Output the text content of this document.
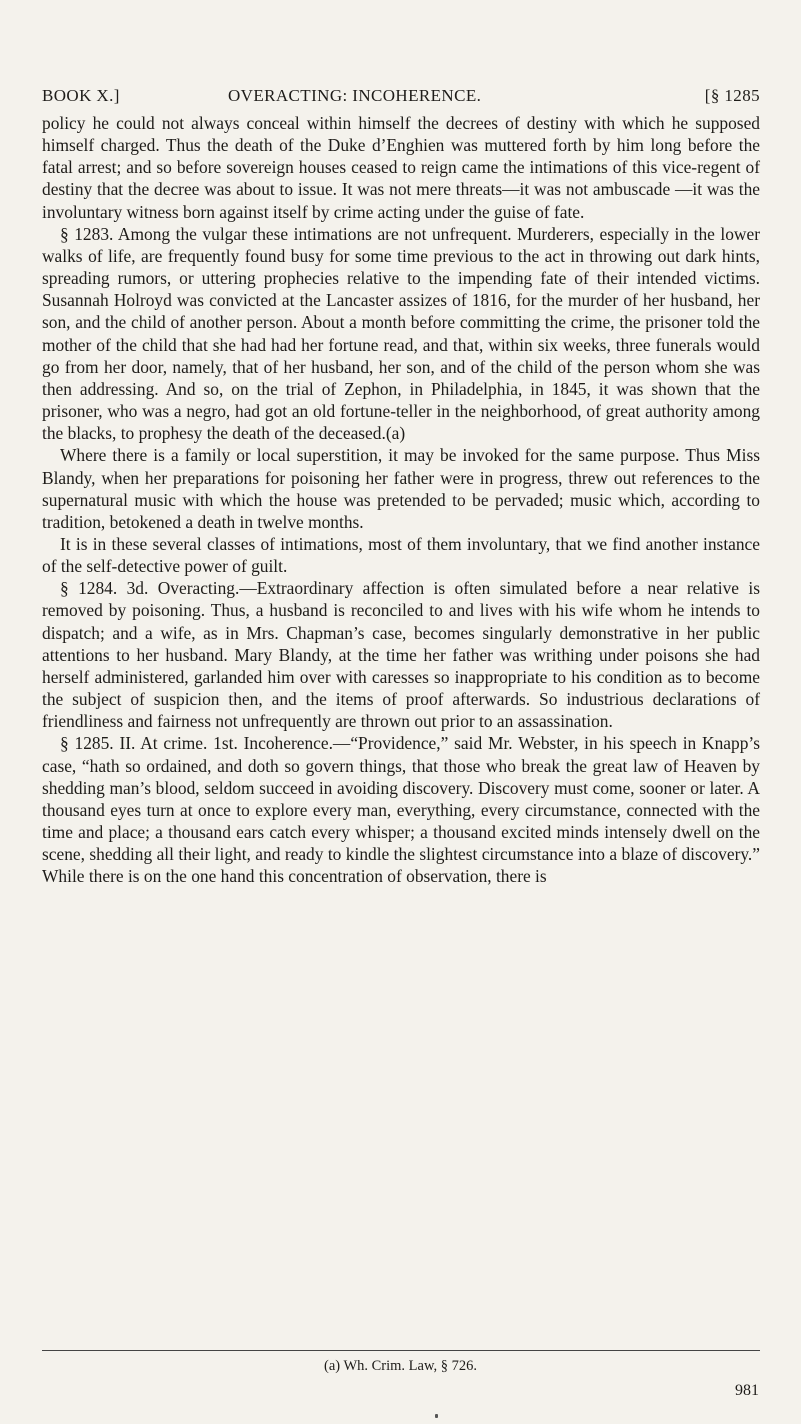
BOOK X.]	OVERACTING: INCOHERENCE.	[§ 1285

policy he could not always conceal within himself the decrees of destiny with which he supposed himself charged. Thus the death of the Duke d’Enghien was muttered forth by him long before the fatal arrest; and so before sovereign houses ceased to reign came the intimations of this vice-regent of destiny that the decree was about to issue. It was not mere threats—it was not ambuscade —it was the involuntary witness born against itself by crime acting under the guise of fate.

§ 1283. Among the vulgar these intimations are not unfrequent. Murderers, especially in the lower walks of life, are frequently found busy for some time previous to the act in throwing out dark hints, spreading rumors, or uttering prophecies relative to the impending fate of their intended victims. Susannah Holroyd was convicted at the Lancaster assizes of 1816, for the murder of her husband, her son, and the child of another person. About a month before committing the crime, the prisoner told the mother of the child that she had had her fortune read, and that, within six weeks, three funerals would go from her door, namely, that of her husband, her son, and of the child of the person whom she was then addressing. And so, on the trial of Zephon, in Philadelphia, in 1845, it was shown that the prisoner, who was a negro, had got an old fortune-teller in the neighborhood, of great authority among the blacks, to prophesy the death of the deceased.(a)

Where there is a family or local superstition, it may be invoked for the same purpose. Thus Miss Blandy, when her preparations for poisoning her father were in progress, threw out references to the supernatural music with which the house was pretended to be pervaded; music which, according to tradition, betokened a death in twelve months.

It is in these several classes of intimations, most of them involuntary, that we find another instance of the self-detective power of guilt.

§ 1284. 3d. Overacting.—Extraordinary affection is often simulated before a near relative is removed by poisoning. Thus, a husband is reconciled to and lives with his wife whom he intends to dispatch; and a wife, as in Mrs. Chapman’s case, becomes singularly demonstrative in her public attentions to her husband. Mary Blandy, at the time her father was writhing under poisons she had herself administered, garlanded him over with caresses so inappropriate to his condition as to become the subject of suspicion then, and the items of proof afterwards. So industrious declarations of friendliness and fairness not unfrequently are thrown out prior to an assassination.

§ 1285. II. At crime. 1st. Incoherence.—“Providence,” said Mr. Webster, in his speech in Knapp’s case, “hath so ordained, and doth so govern things, that those who break the great law of Heaven by shedding man’s blood, seldom succeed in avoiding discovery. Discovery must come, sooner or later. A thousand eyes turn at once to explore every man, everything, every circumstance, connected with the time and place; a thousand ears catch every whisper; a thousand excited minds intensely dwell on the scene, shedding all their light, and ready to kindle the slightest circumstance into a blaze of discovery.” While there is on the one hand this concentration of observation, there is

(a) Wh. Crim. Law, § 726.
981
